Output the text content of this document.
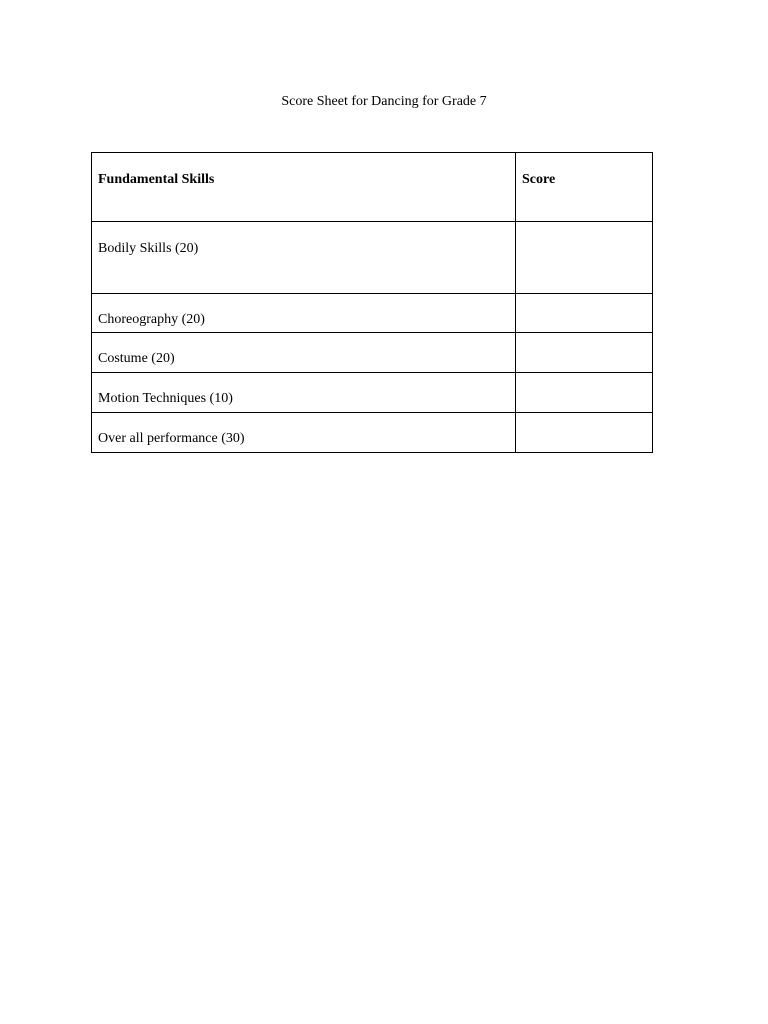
Score Sheet for Dancing for Grade 7
Fundamental Skills	Score
Bodily Skills (20)	
Choreography (20)	
Costume (20)	
Motion Techniques (10)	
Over all performance (30)	
